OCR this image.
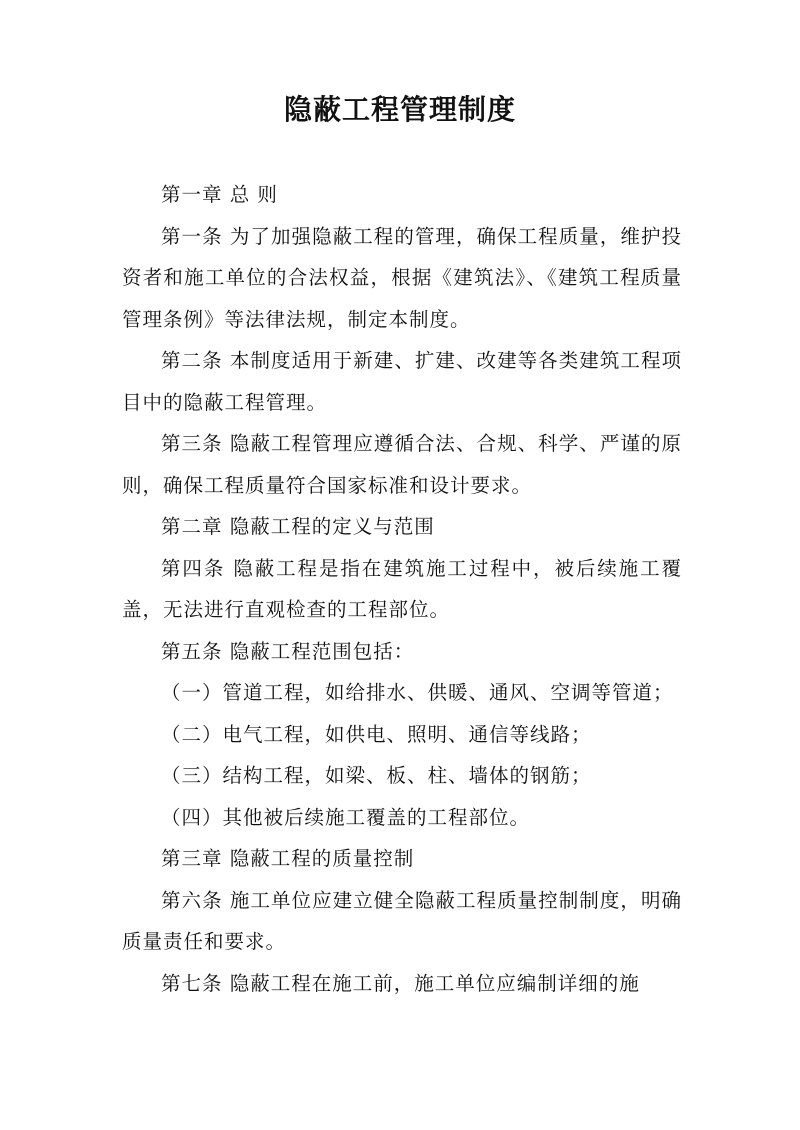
隐蔽工程管理制度

第一章 总 则

第一条 为了加强隐蔽工程的管理，确保工程质量，维护投资者和施工单位的合法权益，根据《建筑法》、《建筑工程质量管理条例》等法律法规，制定本制度。

第二条 本制度适用于新建、扩建、改建等各类建筑工程项目中的隐蔽工程管理。

第三条 隐蔽工程管理应遵循合法、合规、科学、严谨的原则，确保工程质量符合国家标准和设计要求。

第二章 隐蔽工程的定义与范围

第四条 隐蔽工程是指在建筑施工过程中，被后续施工覆盖，无法进行直观检查的工程部位。

第五条 隐蔽工程范围包括：

（一）管道工程，如给排水、供暖、通风、空调等管道；

（二）电气工程，如供电、照明、通信等线路；

（三）结构工程，如梁、板、柱、墙体的钢筋；

（四）其他被后续施工覆盖的工程部位。

第三章 隐蔽工程的质量控制

第六条 施工单位应建立健全隐蔽工程质量控制制度，明确质量责任和要求。

第七条 隐蔽工程在施工前，施工单位应编制详细的施
